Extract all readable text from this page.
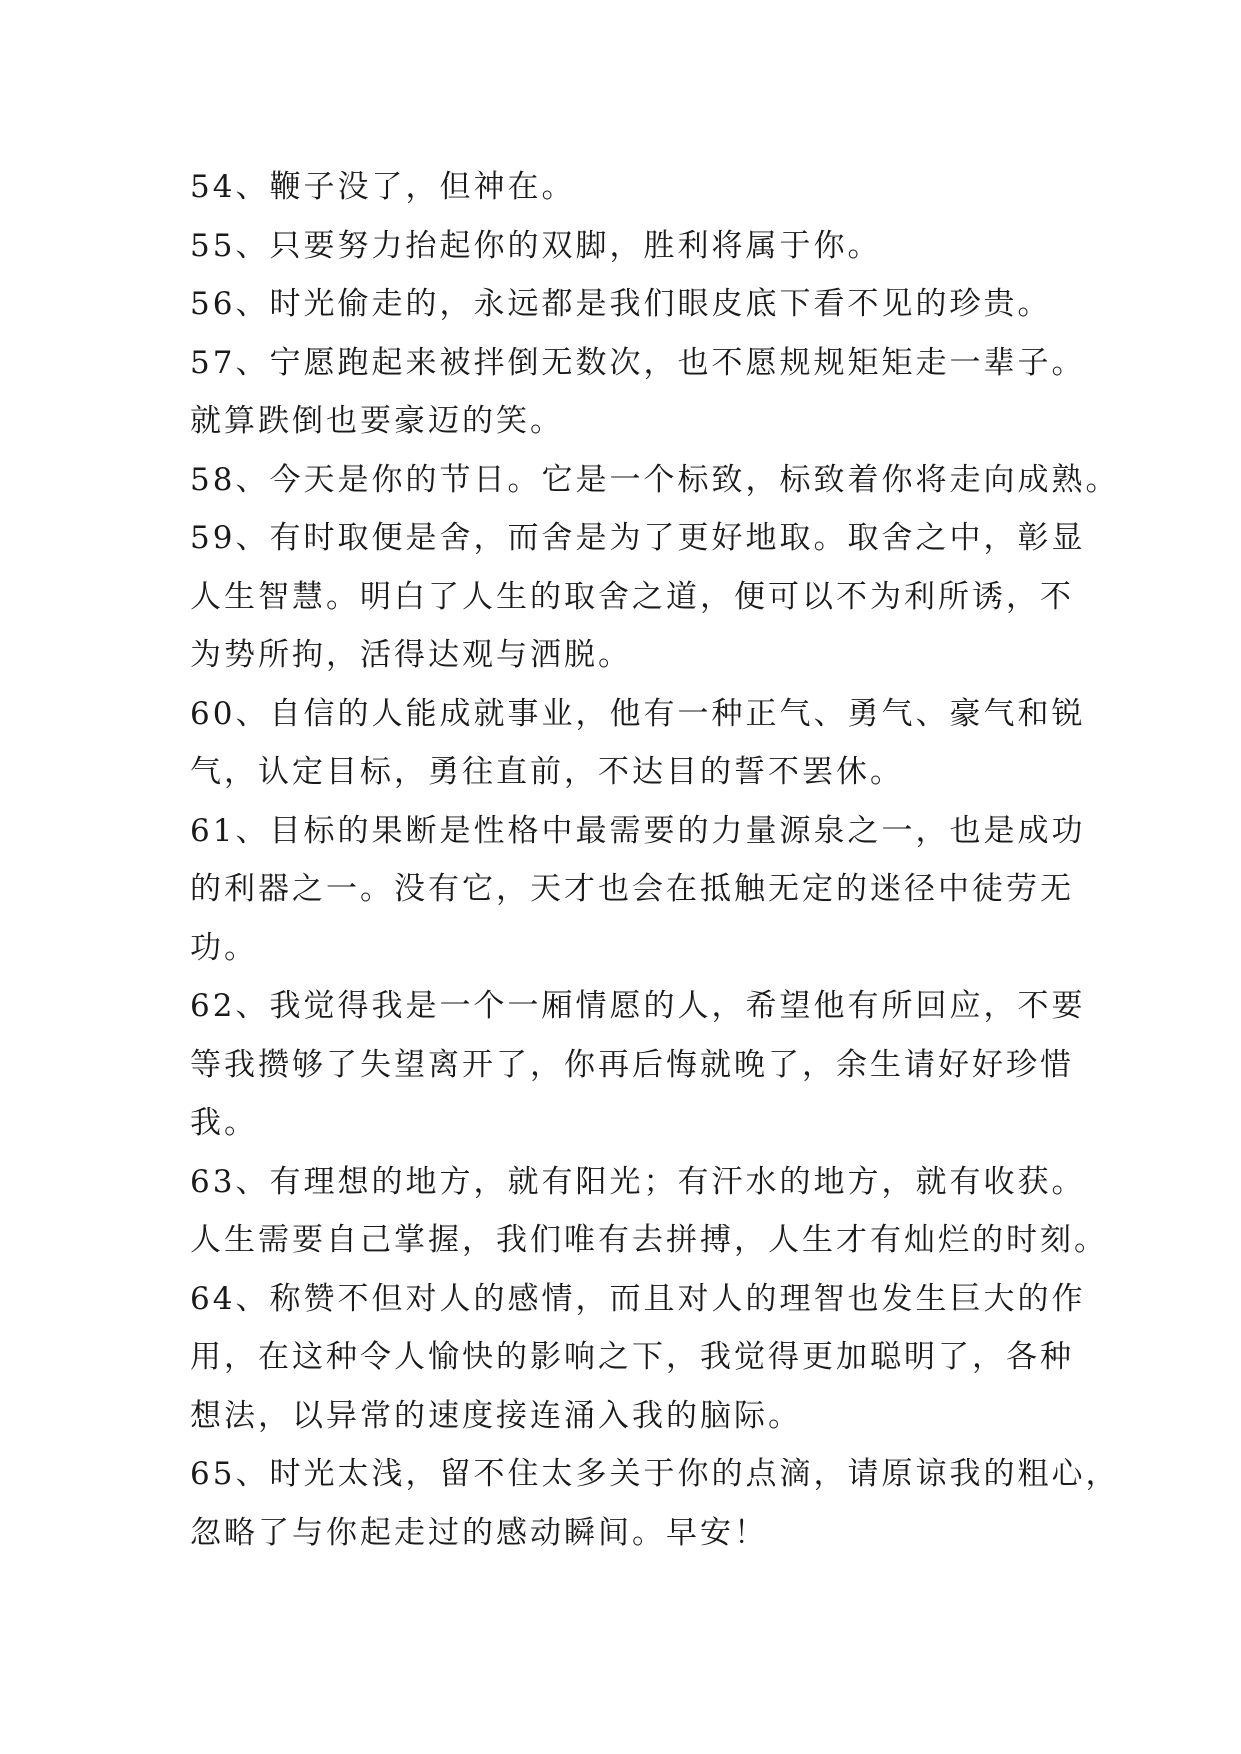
54、鞭子没了，但神在。
55、只要努力抬起你的双脚，胜利将属于你。
56、时光偷走的，永远都是我们眼皮底下看不见的珍贵。
57、宁愿跑起来被拌倒无数次，也不愿规规矩矩走一辈子。
就算跌倒也要豪迈的笑。
58、今天是你的节日。它是一个标致，标致着你将走向成熟。
59、有时取便是舍，而舍是为了更好地取。取舍之中，彰显
人生智慧。明白了人生的取舍之道，便可以不为利所诱，不
为势所拘，活得达观与洒脱。
60、自信的人能成就事业，他有一种正气、勇气、豪气和锐
气，认定目标，勇往直前，不达目的誓不罢休。
61、目标的果断是性格中最需要的力量源泉之一，也是成功
的利器之一。没有它，天才也会在抵触无定的迷径中徒劳无
功。
62、我觉得我是一个一厢情愿的人，希望他有所回应，不要
等我攒够了失望离开了，你再后悔就晚了，余生请好好珍惜
我。
63、有理想的地方，就有阳光；有汗水的地方，就有收获。
人生需要自己掌握，我们唯有去拼搏，人生才有灿烂的时刻。
64、称赞不但对人的感情，而且对人的理智也发生巨大的作
用，在这种令人愉快的影响之下，我觉得更加聪明了，各种
想法，以异常的速度接连涌入我的脑际。
65、时光太浅，留不住太多关于你的点滴，请原谅我的粗心，
忽略了与你起走过的感动瞬间。早安！
